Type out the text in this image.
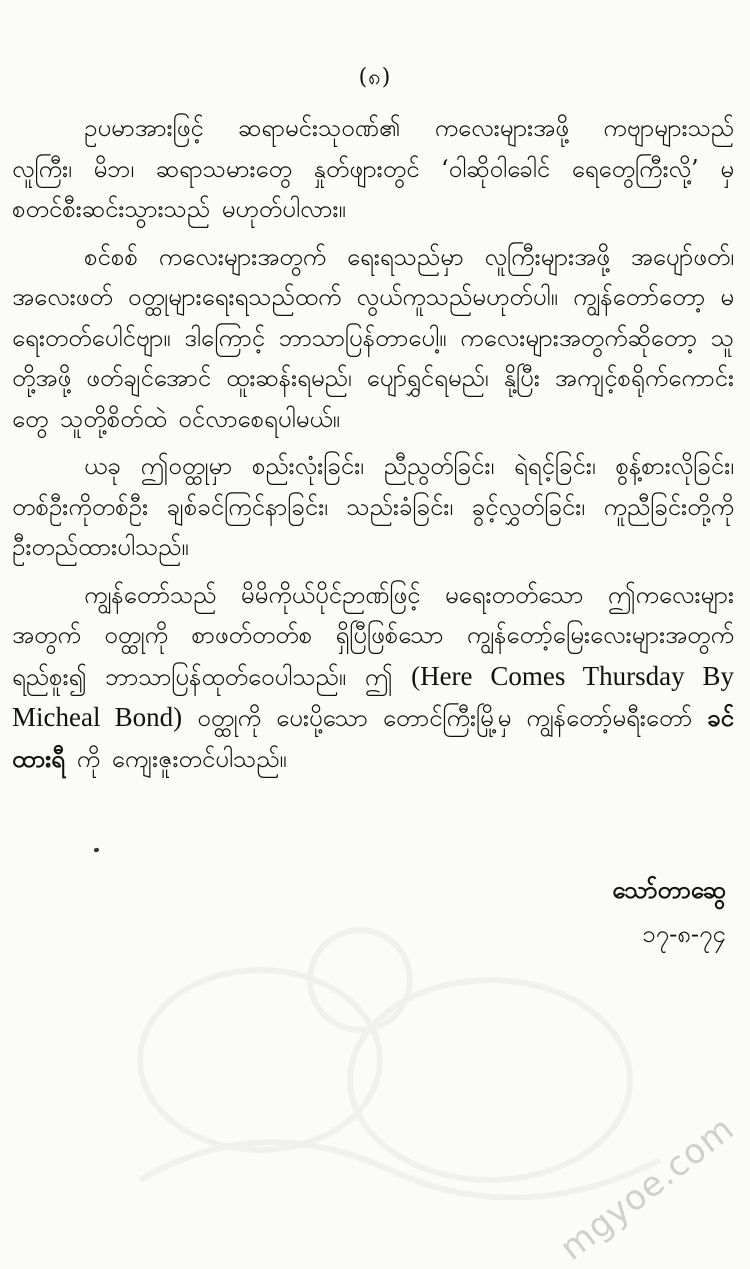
(၈)

ဥပမာအားဖြင့် ဆရာမင်းသုဝဏ်၏ ကလေးများအဖို့ ကဗျာများသည် လူကြီး၊ မိဘ၊ ဆရာသမားတွေ နှုတ်ဖျားတွင် ‘ဝါဆိုဝါခေါင် ရေတွေကြီးလို့’ မှ စတင်စီးဆင်းသွားသည် မဟုတ်ပါလား။

စင်စစ် ကလေးများအတွက် ရေးရသည်မှာ လူကြီးများအဖို့ အပျော်ဖတ်၊ အလေးဖတ် ဝတ္ထုများရေးရသည်ထက် လွယ်ကူသည်မဟုတ်ပါ။ ကျွန်တော်တော့ မရေးတတ်ပေါင်ဗျာ။ ဒါကြောင့် ဘာသာပြန်တာပေါ့။ ကလေးများအတွက်ဆိုတော့ သူတို့အဖို့ ဖတ်ချင်အောင် ထူးဆန်းရမည်၊ ပျော်ရွှင်ရမည်၊ နို့ပြီး အကျင့်စရိုက်ကောင်းတွေ သူတို့စိတ်ထဲ ဝင်လာစေရပါမယ်။

ယခု ဤဝတ္ထုမှာ စည်းလုံးခြင်း၊ ညီညွတ်ခြင်း၊ ရဲရင့်ခြင်း၊ စွန့်စားလိုခြင်း၊ တစ်ဦးကိုတစ်ဦး ချစ်ခင်ကြင်နာခြင်း၊ သည်းခံခြင်း၊ ခွင့်လွှတ်ခြင်း၊ ကူညီခြင်းတို့ကို ဦးတည်ထားပါသည်။

ကျွန်တော်သည် မိမိကိုယ်ပိုင်ဉာဏ်ဖြင့် မရေးတတ်သော ဤကလေးများအတွက် ဝတ္ထုကို စာဖတ်တတ်စ ရှိပြီဖြစ်သော ကျွန်တော့်မြေးလေးများအတွက် ရည်စူး၍ ဘာသာပြန်ထုတ်ဝေပါသည်။ ဤ (Here Comes Thursday By Micheal Bond) ဝတ္ထုကို ပေးပို့သော တောင်ကြီးမြို့မှ ကျွန်တော့်မရီးတော် ခင်ထားရီ ကို ကျေးဇူးတင်ပါသည်။

သော်တာဆွေ
၁၇-၈-၇၄
mgyoe.com
